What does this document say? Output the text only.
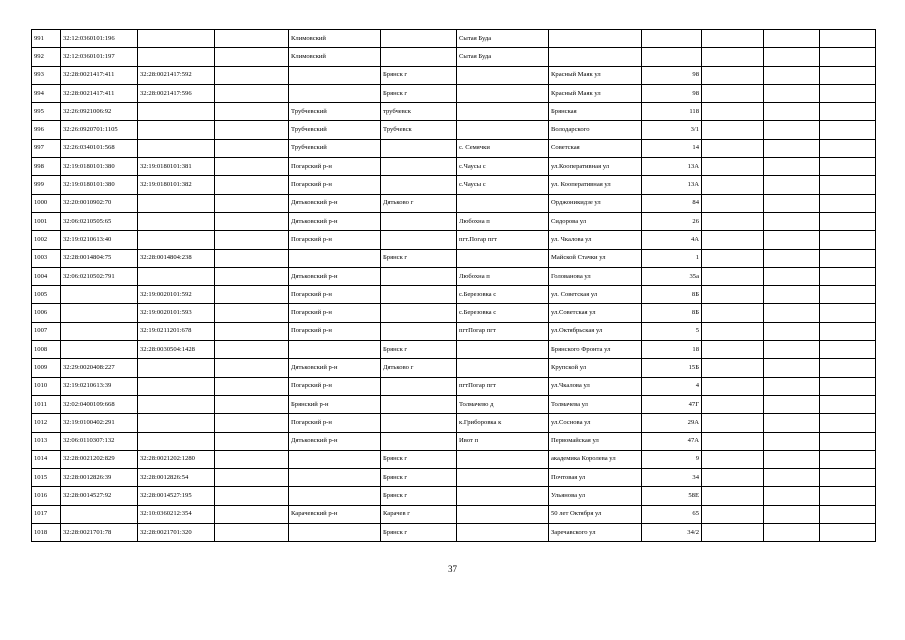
991	32:12:0360101:196			Климовский		Сытая Буда					
992	32:12:0360101:197			Климовский		Сытая Буда					
993	32:28:0021417:411	32:28:0021417:592			Брянск г		Красный Маяк ул	98			
994	32:28:0021417:411	32:28:0021417:596			Брянск г		Красный Маяк ул	98			
995	32:26:0921006:92			Трубчевский	трубчевск		Брянская	118			
996	32:26:0920701:1105			Трубчевский	Трубчевск		Володарского	3/1			
997	32:26:0340101:568			Трубчевский		с. Семячки	Советская	14			
998	32:19:0180101:380	32:19:0180101:381		Погарский р-н		с.Чаусы с	ул.Кооперативная ул	13А			
999	32:19:0180101:380	32:19:0180101:382		Погарский р-н		с.Чаусы с	ул. Кооперативная ул	13А			
1000	32:20:0010902:70			Дятьковский р-н	Дятьково г		Орджоникидзе ул	84			
1001	32:06:0210505:65			Дятьковский р-н		Любохна п	Сидорова ул	26			
1002	32:19:0210613:40			Погарский р-н		пгт.Погар пгт	ул. Чкалова ул	4А			
1003	32:28:0014804:75	32:28:0014804:238			Брянск г		Майской Стачки ул	1			
1004	32:06:0210502:791			Дятьковский р-н		Любохна п	Голованова ул	35а			
1005		32:19:0020101:592		Погарский р-н		с.Березовка с	ул. Советская ул	8Б			
1006		32:19:0020101:593		Погарский р-н		с.Березовка с	ул.Советская ул	8Б			
1007		32:19:0211201:678		Погарский р-н		пгтПогар пгт	ул.Октябрьская ул	5			
1008		32:28:0030504:1428			Брянск г		Брянского Фронта ул	18			
1009	32:29:0020408:227			Дятьковский р-н	Дятьково г		Крупской ул	15Б			
1010	32:19:0210613:39			Погарский р-н		пгтПогар пгт	ул.Чкалова ул	4			
1011	32:02:0400109:668			Брянский р-н		Толмачево д	Толмачева ул	47Г			
1012	32:19:0100402:291			Погарский р-н		к.Гриборовка к	ул.Соснова ул	29А			
1013	32:06:0110307:132			Дятьковский р-н		Ивот п	Первомайская ул	47А			
1014	32:28:0021202:829	32:28:0021202:1280			Брянск г		академика Королева ул	9			
1015	32:28:0012826:39	32:28:0012826:54			Брянск г		Почтовая ул	34			
1016	32:28:0014527:92	32:28:0014527:195			Брянск г		Ульянова ул	58Е			
1017		32:10:0360212:354		Карачевский р-н	Карачев г		50 лет Октября ул	65			
1018	32:28:0021701:78	32:28:0021701:320			Брянск г		Заречавского ул	34/2			
37
